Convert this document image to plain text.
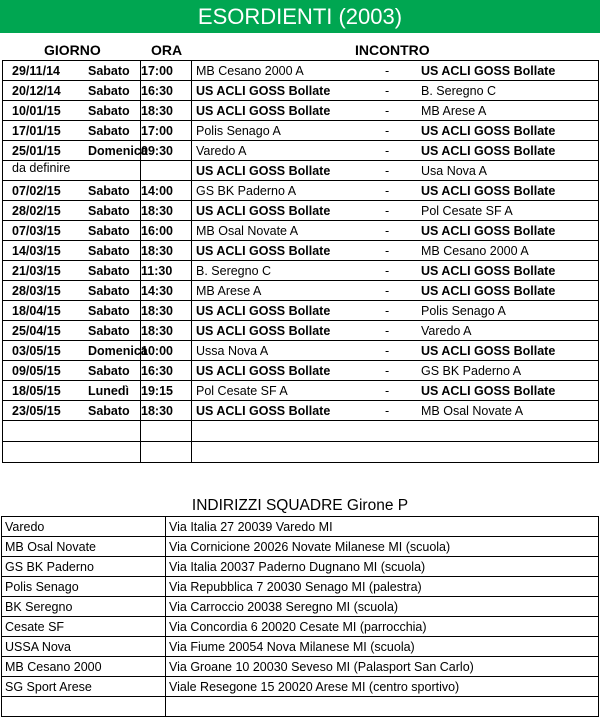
ESORDIENTI (2003)
GIORNO	ORA	INCONTRO
29/11/14 Sabato	17:00	MB Cesano 2000 A - US ACLI GOSS Bollate
20/12/14 Sabato	16:30	US ACLI GOSS Bollate - B. Seregno C
10/01/15 Sabato	18:30	US ACLI GOSS Bollate - MB Arese A
17/01/15 Sabato	17:00	Polis Senago A - US ACLI GOSS Bollate
25/01/15 Domenica	09:30	Varedo A - US ACLI GOSS Bollate
da definire		US ACLI GOSS Bollate - Usa Nova A
07/02/15 Sabato	14:00	GS BK Paderno A - US ACLI GOSS Bollate
28/02/15 Sabato	18:30	US ACLI GOSS Bollate - Pol Cesate SF A
07/03/15 Sabato	16:00	MB Osal Novate A - US ACLI GOSS Bollate
14/03/15 Sabato	18:30	US ACLI GOSS Bollate - MB Cesano 2000 A
21/03/15 Sabato	11:30	B. Seregno C - US ACLI GOSS Bollate
28/03/15 Sabato	14:30	MB Arese A - US ACLI GOSS Bollate
18/04/15 Sabato	18:30	US ACLI GOSS Bollate - Polis Senago A
25/04/15 Sabato	18:30	US ACLI GOSS Bollate - Varedo A
03/05/15 Domenica	10:00	Ussa Nova A - US ACLI GOSS Bollate
09/05/15 Sabato	16:30	US ACLI GOSS Bollate - GS BK Paderno A
18/05/15 Lunedì	19:15	Pol Cesate SF A - US ACLI GOSS Bollate
23/05/15 Sabato	18:30	US ACLI GOSS Bollate - MB Osal Novate A

INDIRIZZI SQUADRE Girone P
Varedo	Via Italia 27 20039 Varedo MI
MB Osal Novate	Via Cornicione 20026 Novate Milanese MI (scuola)
GS BK Paderno	Via Italia 20037 Paderno Dugnano MI (scuola)
Polis Senago	Via Repubblica 7 20030 Senago MI (palestra)
BK Seregno	Via Carroccio 20038 Seregno MI (scuola)
Cesate SF	Via Concordia 6 20020 Cesate MI (parrocchia)
USSA Nova	Via Fiume 20054 Nova Milanese MI (scuola)
MB Cesano 2000	Via Groane 10 20030 Seveso MI (Palasport San Carlo)
SG Sport Arese	Viale Resegone 15 20020 Arese MI (centro sportivo)
